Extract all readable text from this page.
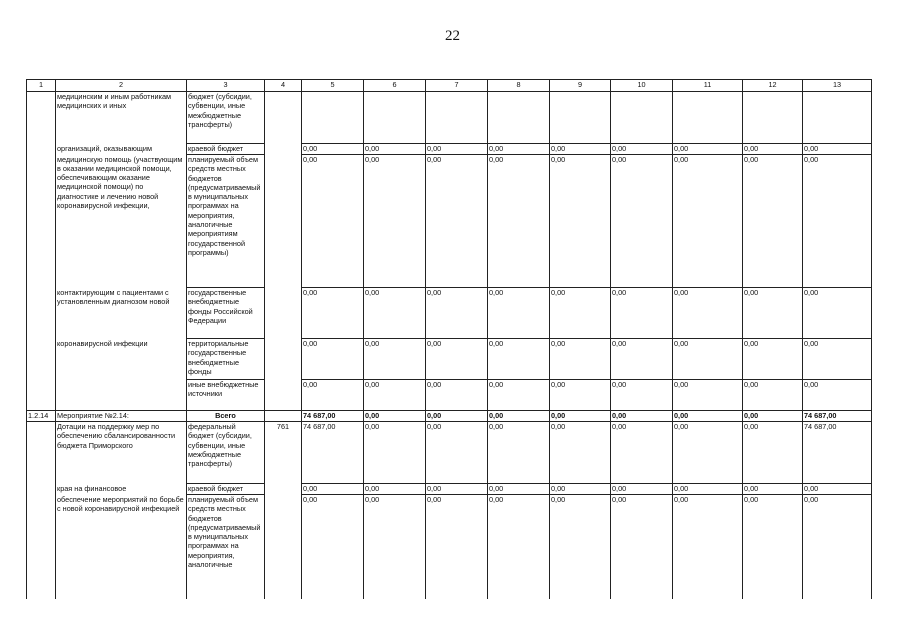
22
1	2	3	4	5	6	7	8	9	10	11	12	13
	медицинским и иным работникам медицинских и иных	бюджет (субсидии, субвенции, иные межбюджетные трансферты)										
	организаций, оказывающим	краевой бюджет		0,00	0,00	0,00	0,00	0,00	0,00	0,00	0,00	0,00
	медицинскую помощь (участвующим в оказании медицинской помощи, обеспечивающим оказание медицинской помощи) по диагностике и лечению новой коронавирусной инфекции,	планируемый объем средств местных бюджетов (предусматриваемый в муниципальных программах на мероприятия, аналогичные мероприятиям государственной программы)		0,00	0,00	0,00	0,00	0,00	0,00	0,00	0,00	0,00
	контактирующим с пациентами с установленным диагнозом новой	государственные внебюджетные фонды Российской Федерации		0,00	0,00	0,00	0,00	0,00	0,00	0,00	0,00	0,00
	коронавирусной инфекции	территориальные государственные внебюджетные фонды		0,00	0,00	0,00	0,00	0,00	0,00	0,00	0,00	0,00
		иные внебюджетные источники		0,00	0,00	0,00	0,00	0,00	0,00	0,00	0,00	0,00
1.2.14	Мероприятие №2.14:	Всего		74 687,00	0,00	0,00	0,00	0,00	0,00	0,00	0,00	74 687,00
	Дотации на поддержку мер по обеспечению сбалансированности бюджета Приморского	федеральный бюджет (субсидии, субвенции, иные межбюджетные трансферты)	761	74 687,00	0,00	0,00	0,00	0,00	0,00	0,00	0,00	74 687,00
	края на финансовое	краевой бюджет		0,00	0,00	0,00	0,00	0,00	0,00	0,00	0,00	0,00
	обеспечение мероприятий по борьбе с новой коронавирусной инфекцией	планируемый объем средств местных бюджетов (предусматриваемый в муниципальных программах на мероприятия, аналогичные		0,00	0,00	0,00	0,00	0,00	0,00	0,00	0,00	0,00
